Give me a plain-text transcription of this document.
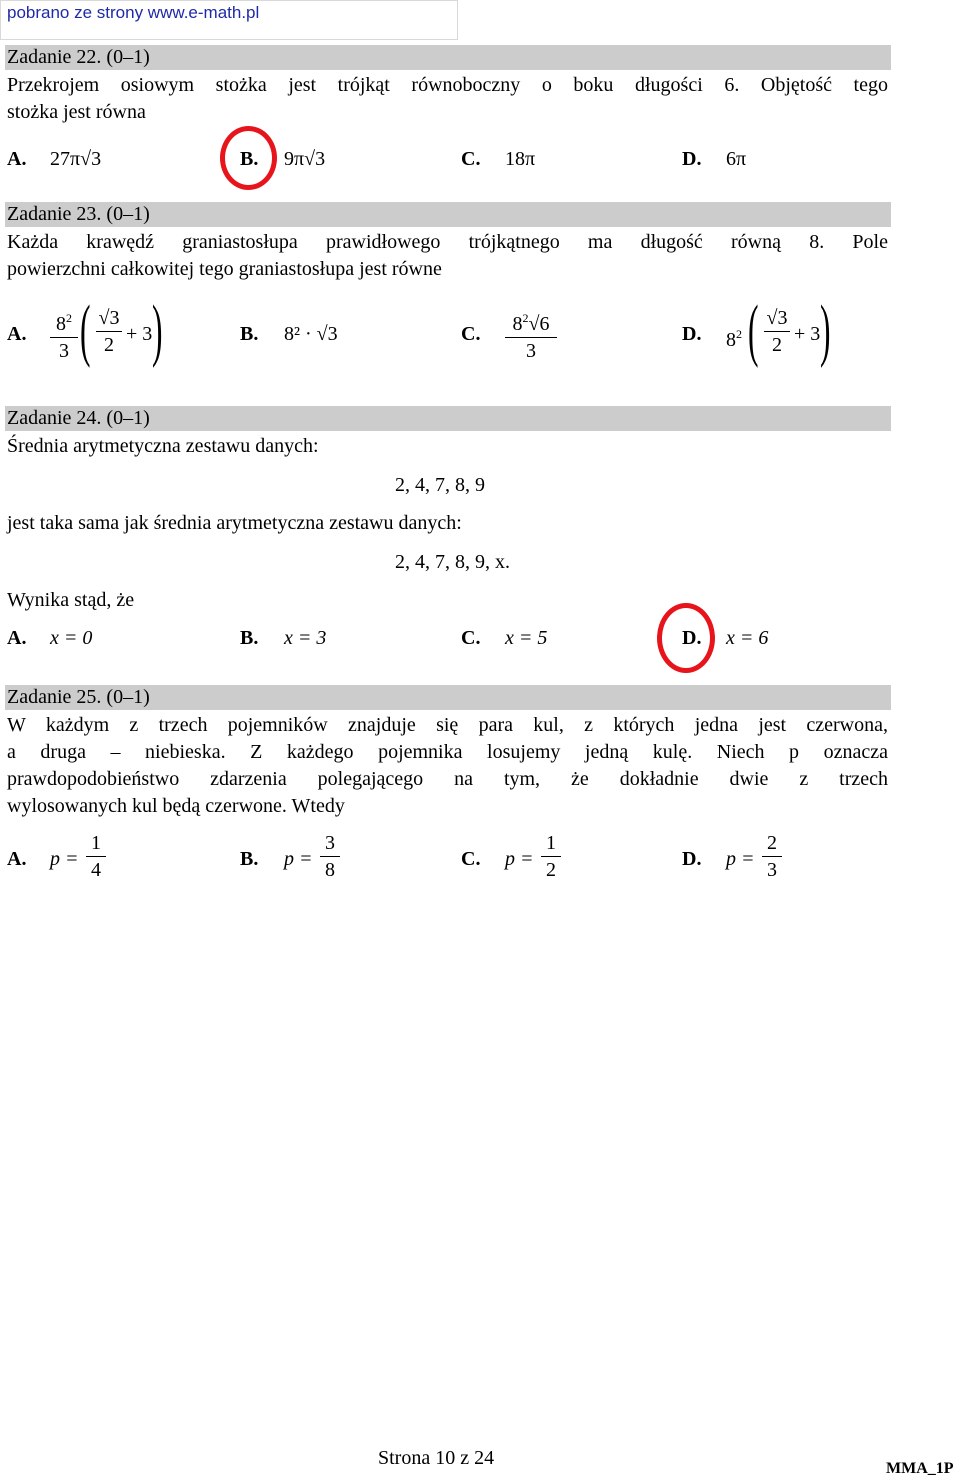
pobrano ze strony www.e-math.pl
Zadanie 22. (0–1)
Przekrojem osiowym stożka jest trójkąt równoboczny o boku długości 6. Objętość tego
stożka jest równa
A. 27π√3	B. 9π√3	C. 18π	D. 6π
Zadanie 23. (0–1)
Każda krawędź graniastosłupa prawidłowego trójkątnego ma długość równą 8. Pole
powierzchni całkowitej tego graniastosłupa jest równe
A.	$8^2$
3 ( √3
2 + 3 )	B. 8² · √3	C.	$8^2√6$
3
D. $8^2$ ( √3
2 + 3 )
Zadanie 24. (0–1)
Średnia arytmetyczna zestawu danych:
2, 4, 7, 8, 9
jest taka sama jak średnia arytmetyczna zestawu danych:
2, 4, 7, 8, 9, x.
Wynika stąd, że
A. x = 0	B. x = 3	C. x = 5	D. x = 6
Zadanie 25. (0–1)
W każdym z trzech pojemników znajduje się para kul, z których jedna jest czerwona,
a druga – niebieska. Z każdego pojemnika losujemy jedną kulę. Niech p oznacza
prawdopodobieństwo zdarzenia polegającego na tym, że dokładnie dwie z trzech
wylosowanych kul będą czerwone. Wtedy
A. p =
1
4	B. p =
3
8	C. p =
1
2	D. p =
2
3
Strona 10 z 24	MMA_1P
